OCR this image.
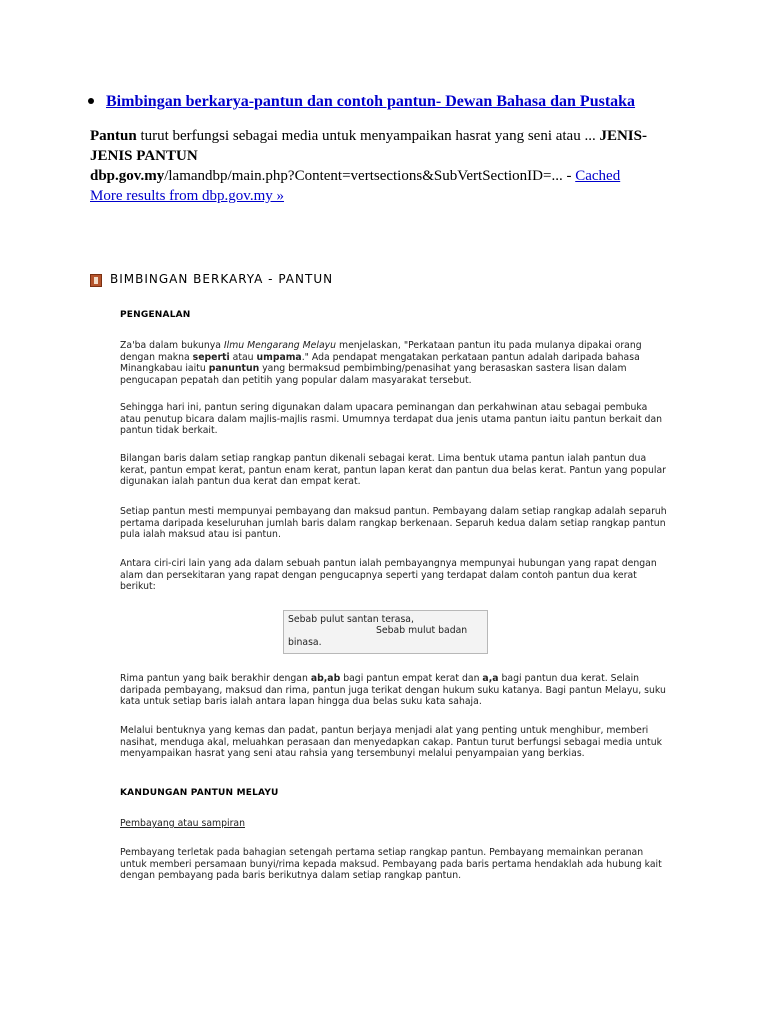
Bimbingan berkarya-pantun dan contoh pantun- Dewan Bahasa dan Pustaka
Pantun turut berfungsi sebagai media untuk menyampaikan hasrat yang seni atau ... JENIS-JENIS PANTUN
dbp.gov.my/lamandbp/main.php?Content=vertsections&SubVertSectionID=... - Cached
More results from dbp.gov.my »
BIMBINGAN BERKARYA - PANTUN
PENGENALAN
Za'ba dalam bukunya Ilmu Mengarang Melayu menjelaskan, "Perkataan pantun itu pada mulanya dipakai orang dengan makna seperti atau umpama." Ada pendapat mengatakan perkataan pantun adalah daripada bahasa Minangkabau iaitu panuntun yang bermaksud pembimbing/penasihat yang berasaskan sastera lisan dalam pengucapan pepatah dan petitih yang popular dalam masyarakat tersebut.
Sehingga hari ini, pantun sering digunakan dalam upacara peminangan dan perkahwinan atau sebagai pembuka atau penutup bicara dalam majlis-majlis rasmi. Umumnya terdapat dua jenis utama pantun iaitu pantun berkait dan pantun tidak berkait.
Bilangan baris dalam setiap rangkap pantun dikenali sebagai kerat. Lima bentuk utama pantun ialah pantun dua kerat, pantun empat kerat, pantun enam kerat, pantun lapan kerat dan pantun dua belas kerat. Pantun yang popular digunakan ialah pantun dua kerat dan empat kerat.
Setiap pantun mesti mempunyai pembayang dan maksud pantun. Pembayang dalam setiap rangkap adalah separuh pertama daripada keseluruhan jumlah baris dalam rangkap berkenaan. Separuh kedua dalam setiap rangkap pantun pula ialah maksud atau isi pantun.
Antara ciri-ciri lain yang ada dalam sebuah pantun ialah pembayangnya mempunyai hubungan yang rapat dengan alam dan persekitaran yang rapat dengan pengucapnya seperti yang terdapat dalam contoh pantun dua kerat berikut:
Sebab pulut santan terasa,
Sebab mulut badan
binasa.
Rima pantun yang baik berakhir dengan ab,ab bagi pantun empat kerat dan a,a bagi pantun dua kerat. Selain daripada pembayang, maksud dan rima, pantun juga terikat dengan hukum suku katanya. Bagi pantun Melayu, suku kata untuk setiap baris ialah antara lapan hingga dua belas suku kata sahaja.
Melalui bentuknya yang kemas dan padat, pantun berjaya menjadi alat yang penting untuk menghibur, memberi nasihat, menduga akal, meluahkan perasaan dan menyedapkan cakap. Pantun turut berfungsi sebagai media untuk menyampaikan hasrat yang seni atau rahsia yang tersembunyi melalui penyampaian yang berkias.
KANDUNGAN PANTUN MELAYU
Pembayang atau sampiran
Pembayang terletak pada bahagian setengah pertama setiap rangkap pantun. Pembayang memainkan peranan untuk memberi persamaan bunyi/rima kepada maksud. Pembayang pada baris pertama hendaklah ada hubung kait dengan pembayang pada baris berikutnya dalam setiap rangkap pantun.
